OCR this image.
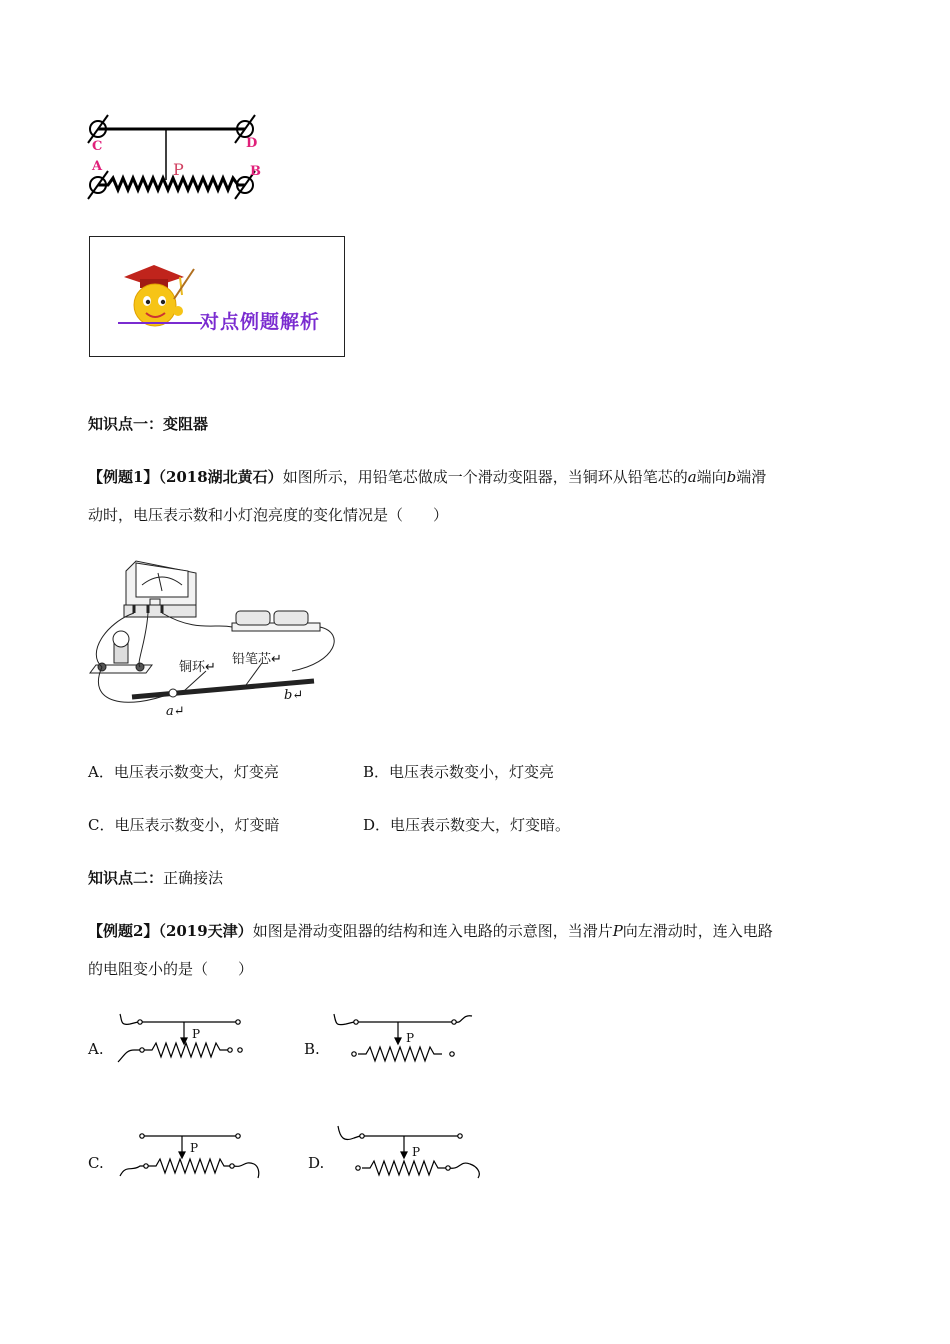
C	D
A	B
P
对点例题解析
知识点一：变阻器
【例题1】（2018湖北黄石）如图所示，用铅笔芯做成一个滑动变阻器，当铜环从铅笔芯的a端向b端滑
动时，电压表示数和小灯泡亮度的变化情况是（　　）
铜环↵
铅笔芯↵
a↵
b↵
A．电压表示数变大，灯变亮	B．电压表示数变小，灯变亮
C．电压表示数变小，灯变暗	D．电压表示数变大，灯变暗。
知识点二：正确接法
【例题2】（2019天津）如图是滑动变阻器的结构和连入电路的示意图，当滑片P向左滑动时，连入电路
的电阻变小的是（　　）
A.
P
B.
P
C.
P
D.
P
